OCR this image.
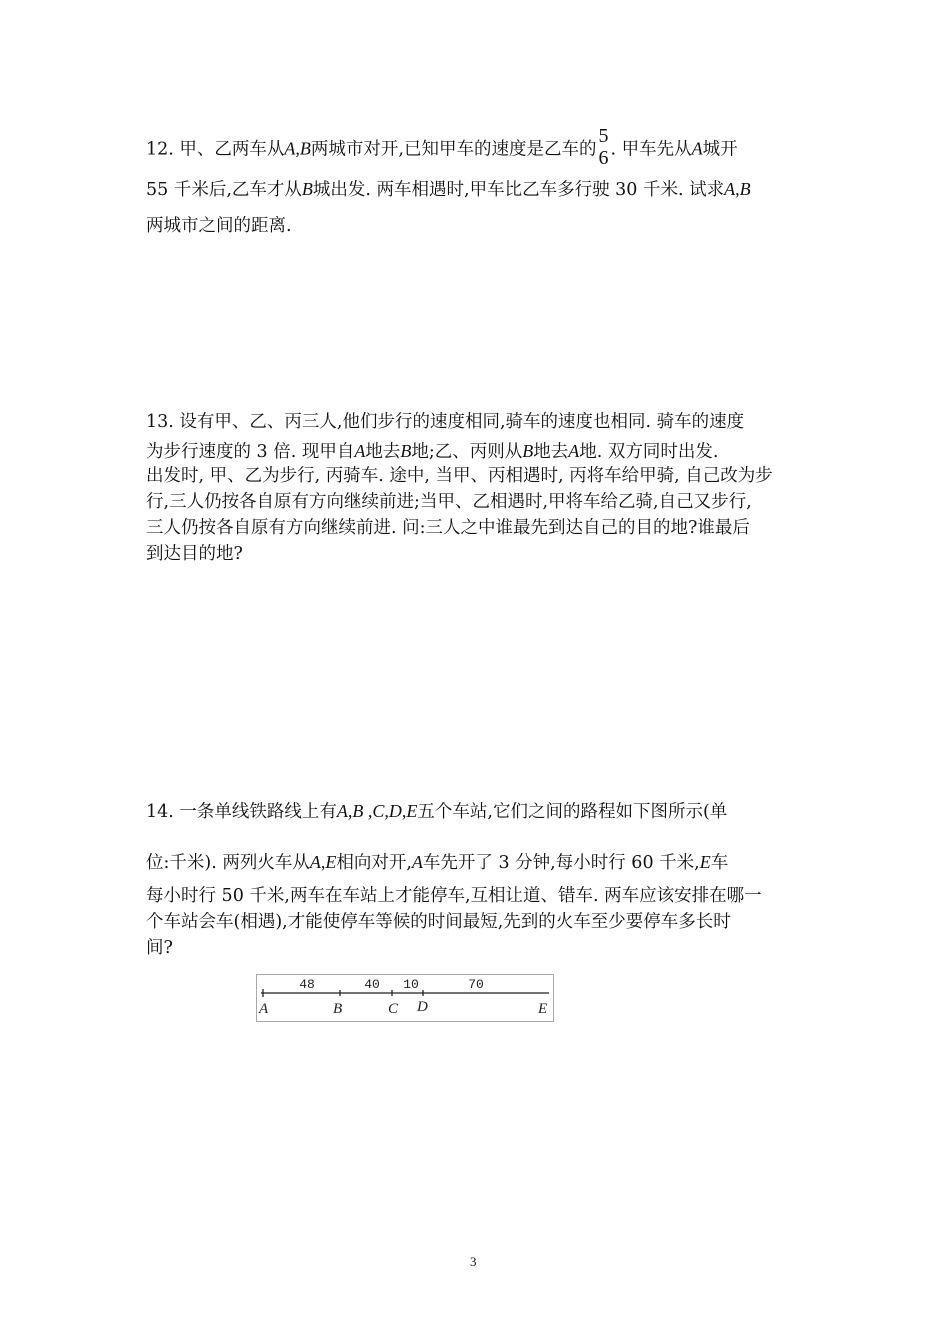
12. 甲、乙两车从A,B两城市对开,已知甲车的速度是乙车的
5
6 . 甲车先从A城开
55 千米后,乙车才从B城出发. 两车相遇时,甲车比乙车多行驶 30 千米. 试求A,B
两城市之间的距离.
13. 设有甲、乙、丙三人,他们步行的速度相同,骑车的速度也相同. 骑车的速度
为步行速度的 3 倍. 现甲自A地去B地;乙、丙则从B地去A地. 双方同时出发.
出发时, 甲、乙为步行, 丙骑车. 途中, 当甲、丙相遇时, 丙将车给甲骑, 自己改为步
行,三人仍按各自原有方向继续前进;当甲、乙相遇时,甲将车给乙骑,自己又步行,
三人仍按各自原有方向继续前进. 问:三人之中谁最先到达自己的目的地?谁最后
到达目的地?
14. 一条单线铁路线上有A,B ,C,D,E五个车站,它们之间的路程如下图所示(单
位:千米). 两列火车从A,E相向对开,A车先开了 3 分钟,每小时行 60 千米,E车
每小时行 50 千米,两车在车站上才能停车,互相让道、错车. 两车应该安排在哪一
个车站会车(相遇),才能使停车等候的时间最短,先到的火车至少要停车多长时
间?
48	40 10	70
A	B	C D	E
3
